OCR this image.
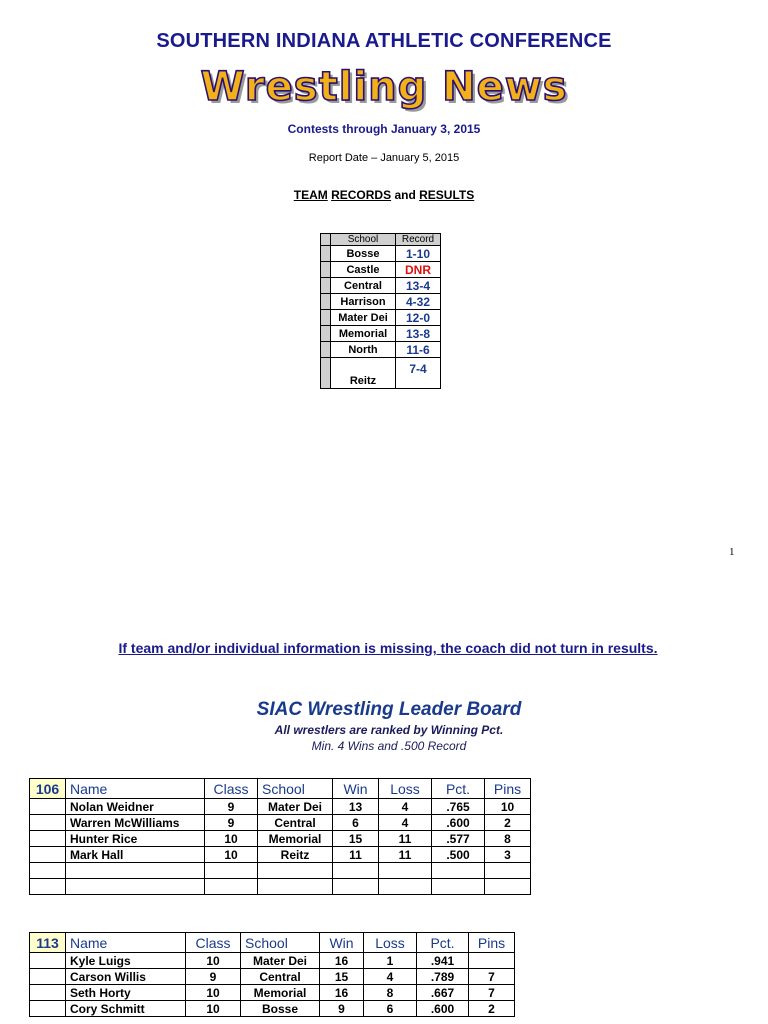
SOUTHERN INDIANA ATHLETIC CONFERENCE
Wrestling News
Contests through January 3, 2015
Report Date – January 5, 2015
TEAM RECORDS and RESULTS
	School	Record
	Bosse	1-10
	Castle	DNR
	Central	13-4
	Harrison	4-32
	Mater Dei	12-0
	Memorial	13-8
	North	11-6
	Reitz	7-4
1
If team and/or individual information is missing, the coach did not turn in results.
SIAC Wrestling Leader Board
All wrestlers are ranked by Winning Pct.
Min. 4 Wins and .500 Record
106	Name	Class	School	Win	Loss	Pct.	Pins
	Nolan Weidner	9	Mater Dei	13	4	.765	10
	Warren McWilliams	9	Central	6	4	.600	2
	Hunter Rice	10	Memorial	15	11	.577	8
	Mark Hall	10	Reitz	11	11	.500	3

113	Name	Class	School	Win	Loss	Pct.	Pins
	Kyle Luigs	10	Mater Dei	16	1	.941	
	Carson Willis	9	Central	15	4	.789	7
	Seth Horty	10	Memorial	16	8	.667	7
	Cory Schmitt	10	Bosse	9	6	.600	2
